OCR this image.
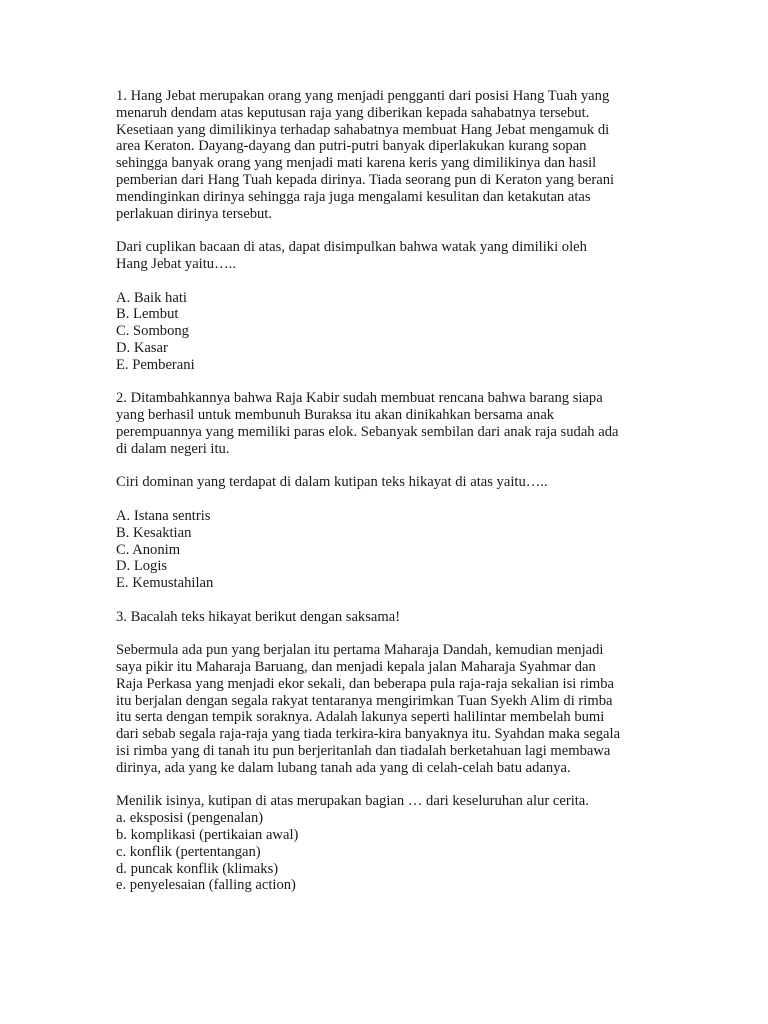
1. Hang Jebat merupakan orang yang menjadi pengganti dari posisi Hang Tuah yang

menaruh dendam atas keputusan raja yang diberikan kepada sahabatnya tersebut.

Kesetiaan yang dimilikinya terhadap sahabatnya membuat Hang Jebat mengamuk di

area Keraton. Dayang-dayang dan putri-putri banyak diperlakukan kurang sopan

sehingga banyak orang yang menjadi mati karena keris yang dimilikinya dan hasil

pemberian dari Hang Tuah kepada dirinya. Tiada seorang pun di Keraton yang berani

mendinginkan dirinya sehingga raja juga mengalami kesulitan dan ketakutan atas

perlakuan dirinya tersebut.

Dari cuplikan bacaan di atas, dapat disimpulkan bahwa watak yang dimiliki oleh

Hang Jebat yaitu…..

A. Baik hati

B. Lembut

C. Sombong

D. Kasar

E. Pemberani

2. Ditambahkannya bahwa Raja Kabir sudah membuat rencana bahwa barang siapa

yang berhasil untuk membunuh Buraksa itu akan dinikahkan bersama anak

perempuannya yang memiliki paras elok. Sebanyak sembilan dari anak raja sudah ada

di dalam negeri itu.

Ciri dominan yang terdapat di dalam kutipan teks hikayat di atas yaitu…..

A. Istana sentris

B. Kesaktian

C. Anonim

D. Logis

E. Kemustahilan

3. Bacalah teks hikayat berikut dengan saksama!

Sebermula ada pun yang berjalan itu pertama Maharaja Dandah, kemudian menjadi

saya pikir itu Maharaja Baruang, dan menjadi kepala jalan Maharaja Syahmar dan

Raja Perkasa yang menjadi ekor sekali, dan beberapa pula raja-raja sekalian isi rimba

itu berjalan dengan segala rakyat tentaranya mengirimkan Tuan Syekh Alim di rimba

itu serta dengan tempik soraknya. Adalah lakunya seperti halilintar membelah bumi

dari sebab segala raja-raja yang tiada terkira-kira banyaknya itu. Syahdan maka segala

isi rimba yang di tanah itu pun berjeritanlah dan tiadalah berketahuan lagi membawa

dirinya, ada yang ke dalam lubang tanah ada yang di celah-celah batu adanya.

Menilik isinya, kutipan di atas merupakan bagian … dari keseluruhan alur cerita.

a. eksposisi (pengenalan)

b. komplikasi (pertikaian awal)

c. konflik (pertentangan)

d. puncak konflik (klimaks)

e. penyelesaian (falling action)
